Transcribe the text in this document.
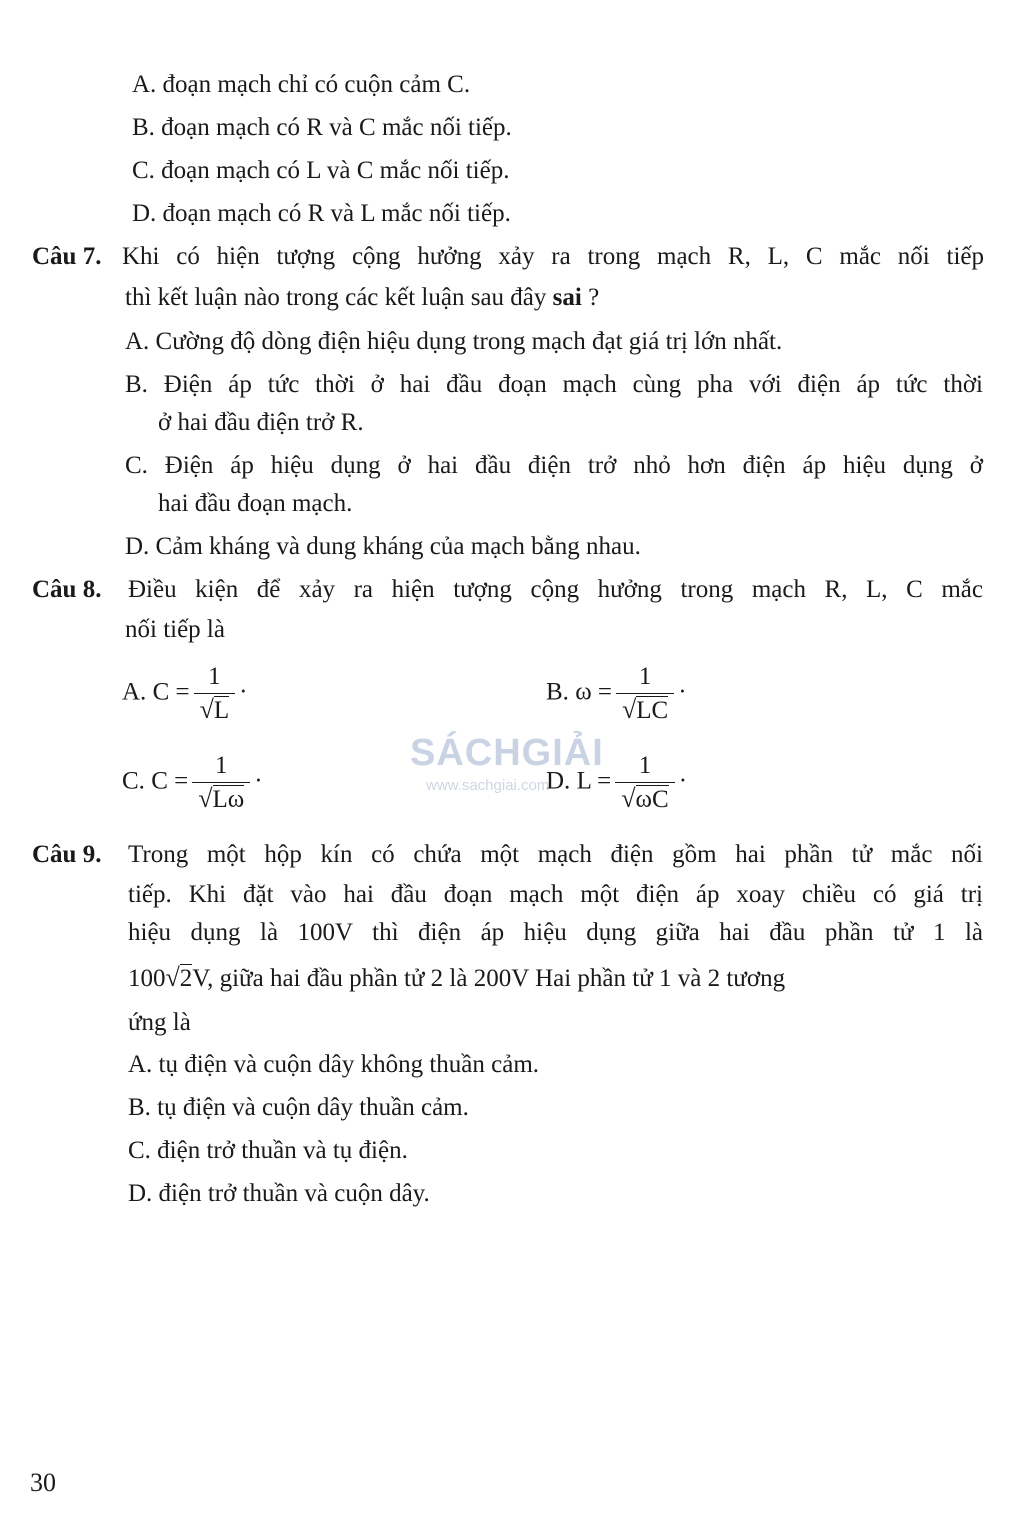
A. đoạn mạch chỉ có cuộn cảm C.
B. đoạn mạch có R và C mắc nối tiếp.
C. đoạn mạch có L và C mắc nối tiếp.
D. đoạn mạch có R và L mắc nối tiếp.
Câu 7. Khi có hiện tượng cộng hưởng xảy ra trong mạch R, L, C mắc nối tiếp
thì kết luận nào trong các kết luận sau đây sai ?
A. Cường độ dòng điện hiệu dụng trong mạch đạt giá trị lớn nhất.
B. Điện áp tức thời ở hai đầu đoạn mạch cùng pha với điện áp tức thời
ở hai đầu điện trở R.
C. Điện áp hiệu dụng ở hai đầu điện trở nhỏ hơn điện áp hiệu dụng ở
hai đầu đoạn mạch.
D. Cảm kháng và dung kháng của mạch bằng nhau.
Câu 8. Điều kiện để xảy ra hiện tượng cộng hưởng trong mạch R, L, C mắc
nối tiếp là
A. $C = \frac{1}{√L}$ ·	B. $\omega = \frac{1}{√LC}$ ·
C. $C = \frac{1}{√L\omega}$ ·	D. $L = \frac{1}{√\omega C}$ ·
SÁCHGIẢI
www.sachgiai.com
Câu 9. Trong một hộp kín có chứa một mạch điện gồm hai phần tử mắc nối
tiếp. Khi đặt vào hai đầu đoạn mạch một điện áp xoay chiều có giá trị
hiệu dụng là 100V thì điện áp hiệu dụng giữa hai đầu phần tử 1 là
100√2V, giữa hai đầu phần tử 2 là 200V Hai phần tử 1 và 2 tương
ứng là
A. tụ điện và cuộn dây không thuần cảm.
B. tụ điện và cuộn dây thuần cảm.
C. điện trở thuần và tụ điện.
D. điện trở thuần và cuộn dây.
30
